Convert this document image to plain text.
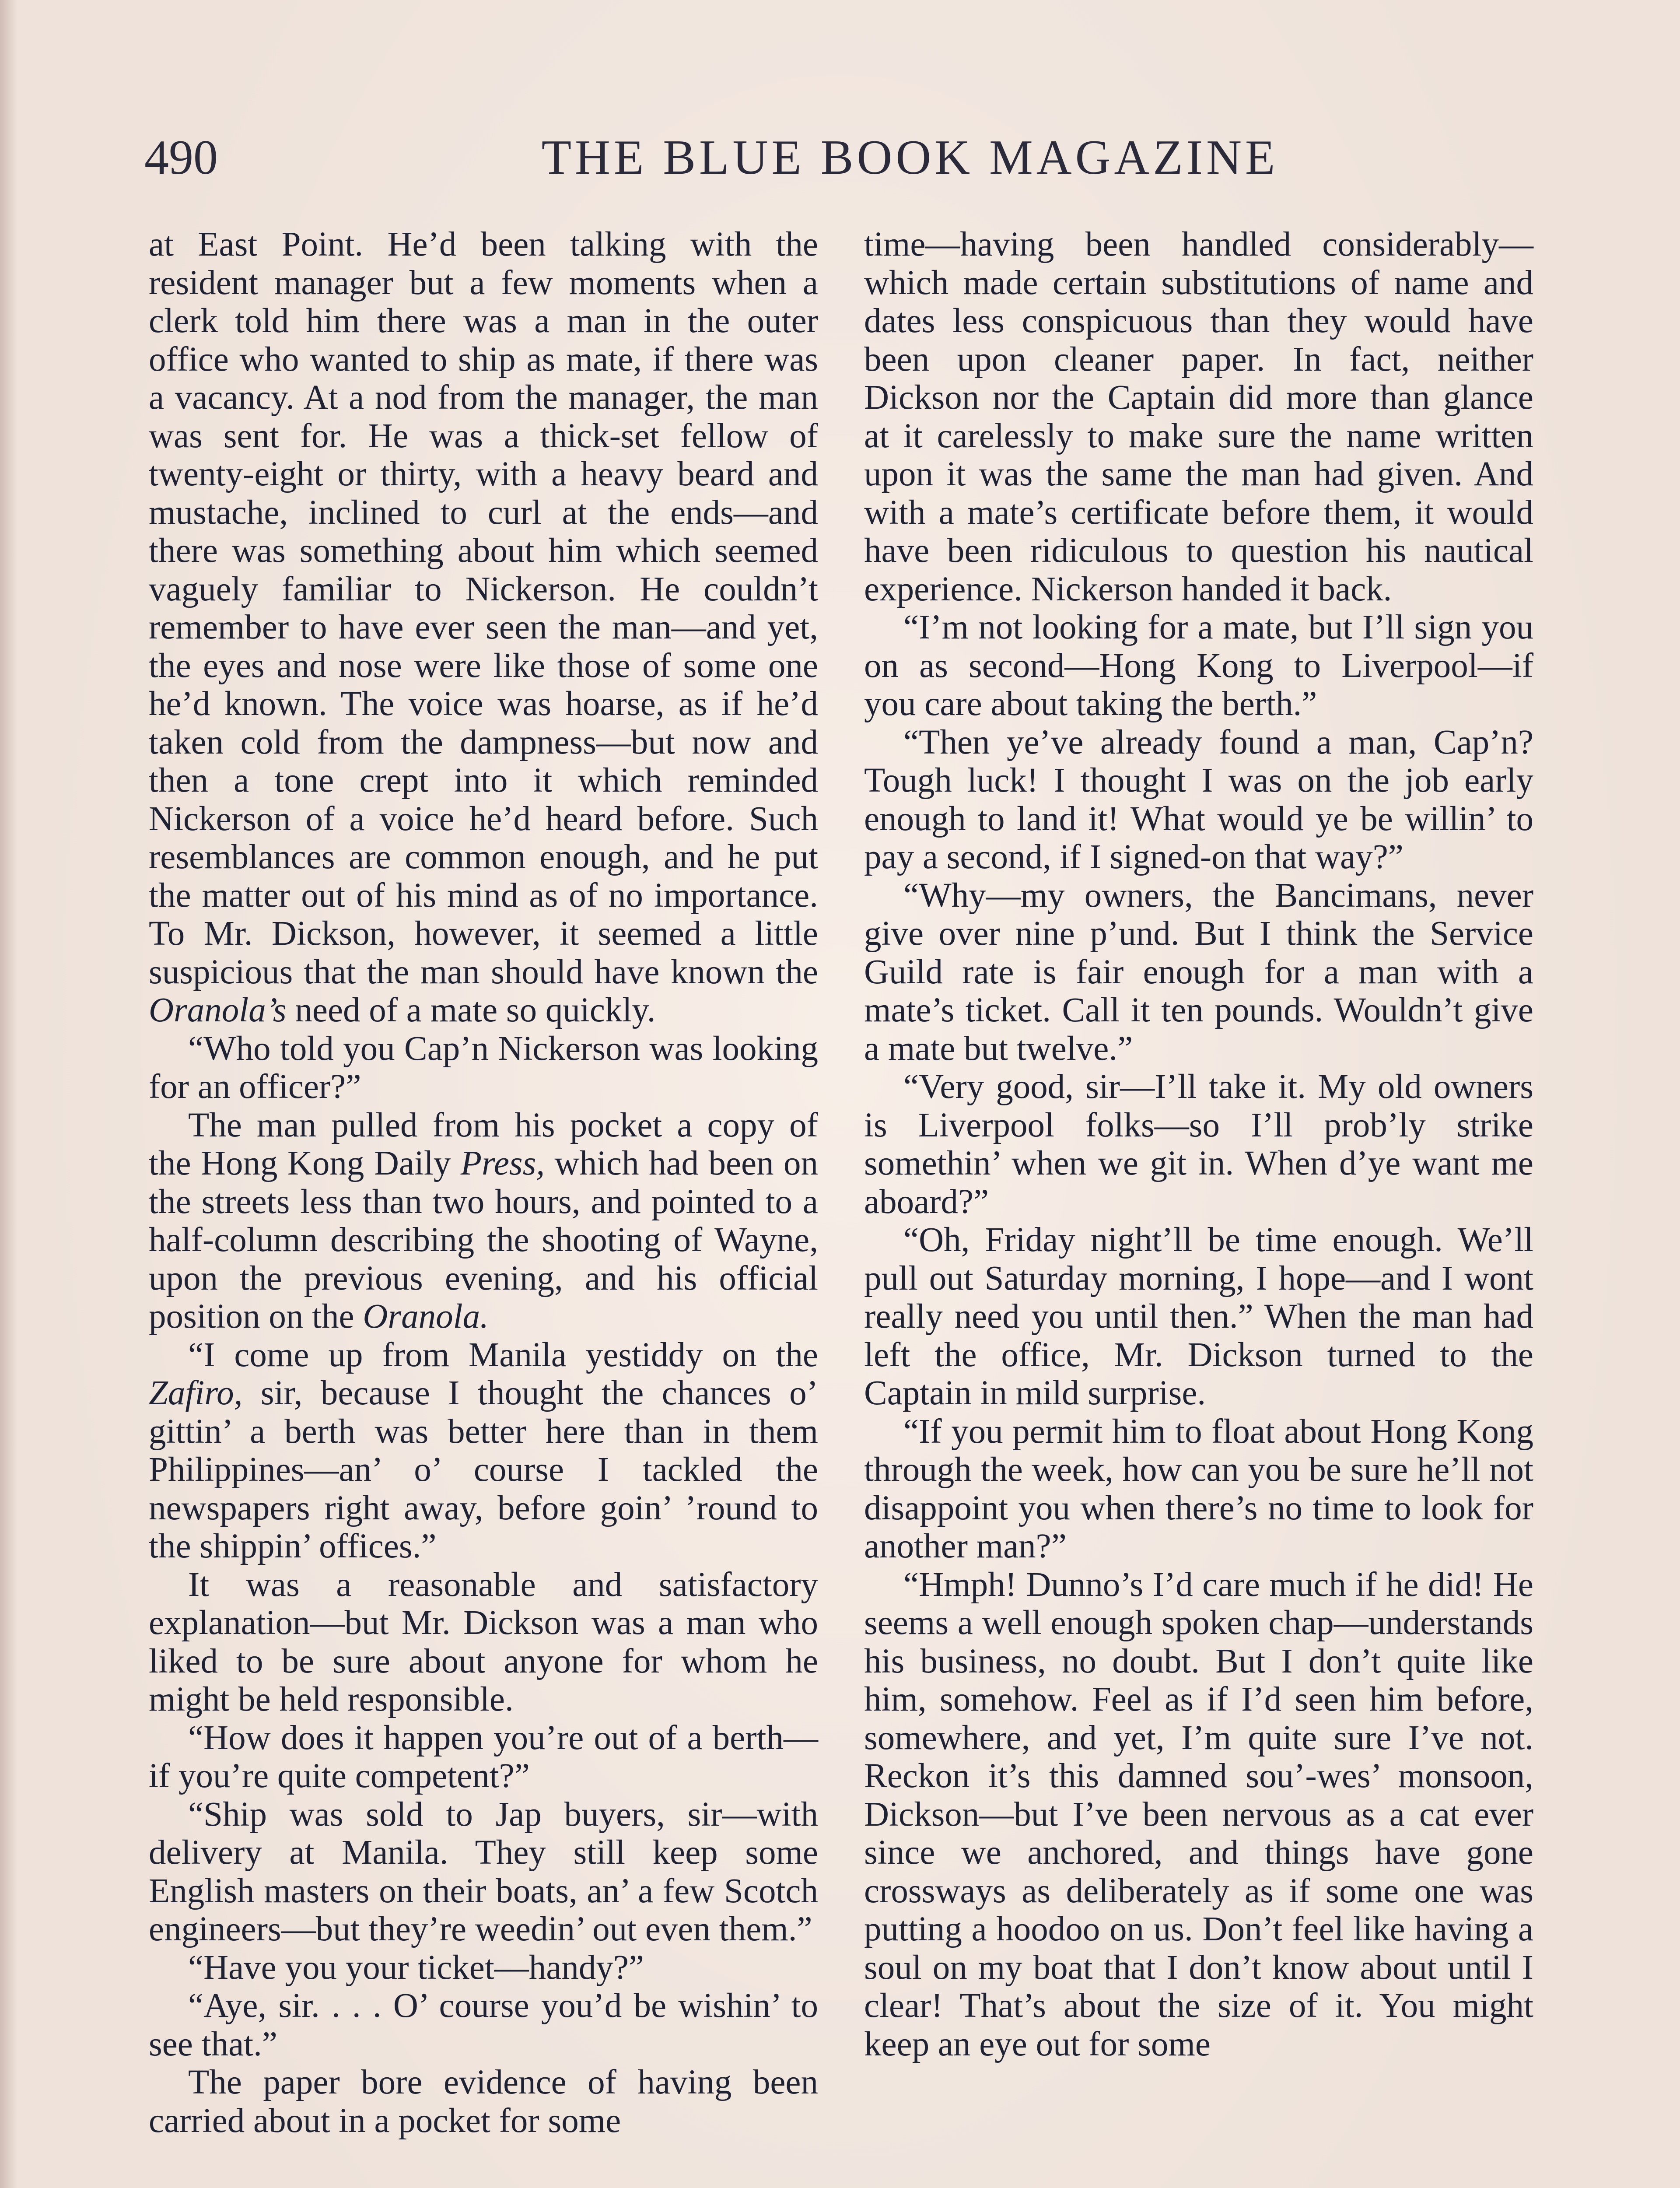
490	THE BLUE BOOK MAGAZINE

at East Point. He’d been talking with the resident manager but a few moments when a clerk told him there was a man in the outer office who wanted to ship as mate, if there was a vacancy. At a nod from the manager, the man was sent for. He was a thick-set fellow of twenty-eight or thirty, with a heavy beard and mustache, inclined to curl at the ends—and there was something about him which seemed vaguely familiar to Nickerson. He couldn’t remember to have ever seen the man—and yet, the eyes and nose were like those of some one he’d known. The voice was hoarse, as if he’d taken cold from the dampness—but now and then a tone crept into it which reminded Nickerson of a voice he’d heard before. Such resemblances are common enough, and he put the matter out of his mind as of no importance. To Mr. Dickson, however, it seemed a little suspicious that the man should have known the Oranola’s need of a mate so quickly.

“Who told you Cap’n Nickerson was looking for an officer?”

The man pulled from his pocket a copy of the Hong Kong Daily Press, which had been on the streets less than two hours, and pointed to a half-column describing the shooting of Wayne, upon the previous evening, and his official position on the Oranola.

“I come up from Manila yestiddy on the Zafiro, sir, because I thought the chances o’ gittin’ a berth was better here than in them Philippines—an’ o’ course I tackled the newspapers right away, before goin’ ’round to the shippin’ offices.”

It was a reasonable and satisfactory explanation—but Mr. Dickson was a man who liked to be sure about anyone for whom he might be held responsible.

“How does it happen you’re out of a berth—if you’re quite competent?”

“Ship was sold to Jap buyers, sir—with delivery at Manila. They still keep some English masters on their boats, an’ a few Scotch engineers—but they’re weedin’ out even them.”

“Have you your ticket—handy?”

“Aye, sir. . . . O’ course you’d be wishin’ to see that.”

The paper bore evidence of having been carried about in a pocket for some

time—having been handled considerably—which made certain substitutions of name and dates less conspicuous than they would have been upon cleaner paper. In fact, neither Dickson nor the Captain did more than glance at it carelessly to make sure the name written upon it was the same the man had given. And with a mate’s certificate before them, it would have been ridiculous to question his nautical experience. Nickerson handed it back.

“I’m not looking for a mate, but I’ll sign you on as second—Hong Kong to Liverpool—if you care about taking the berth.”

“Then ye’ve already found a man, Cap’n? Tough luck! I thought I was on the job early enough to land it! What would ye be willin’ to pay a second, if I signed-on that way?”

“Why—my owners, the Bancimans, never give over nine p’und. But I think the Service Guild rate is fair enough for a man with a mate’s ticket. Call it ten pounds. Wouldn’t give a mate but twelve.”

“Very good, sir—I’ll take it. My old owners is Liverpool folks—so I’ll prob’ly strike somethin’ when we git in. When d’ye want me aboard?”

“Oh, Friday night’ll be time enough. We’ll pull out Saturday morning, I hope—and I wont really need you until then.” When the man had left the office, Mr. Dickson turned to the Captain in mild surprise.

“If you permit him to float about Hong Kong through the week, how can you be sure he’ll not disappoint you when there’s no time to look for another man?”

“Hmph! Dunno’s I’d care much if he did! He seems a well enough spoken chap—understands his business, no doubt. But I don’t quite like him, somehow. Feel as if I’d seen him before, somewhere, and yet, I’m quite sure I’ve not. Reckon it’s this damned sou’-wes’ monsoon, Dickson—but I’ve been nervous as a cat ever since we anchored, and things have gone crossways as deliberately as if some one was putting a hoodoo on us. Don’t feel like having a soul on my boat that I don’t know about until I clear! That’s about the size of it. You might keep an eye out for some
